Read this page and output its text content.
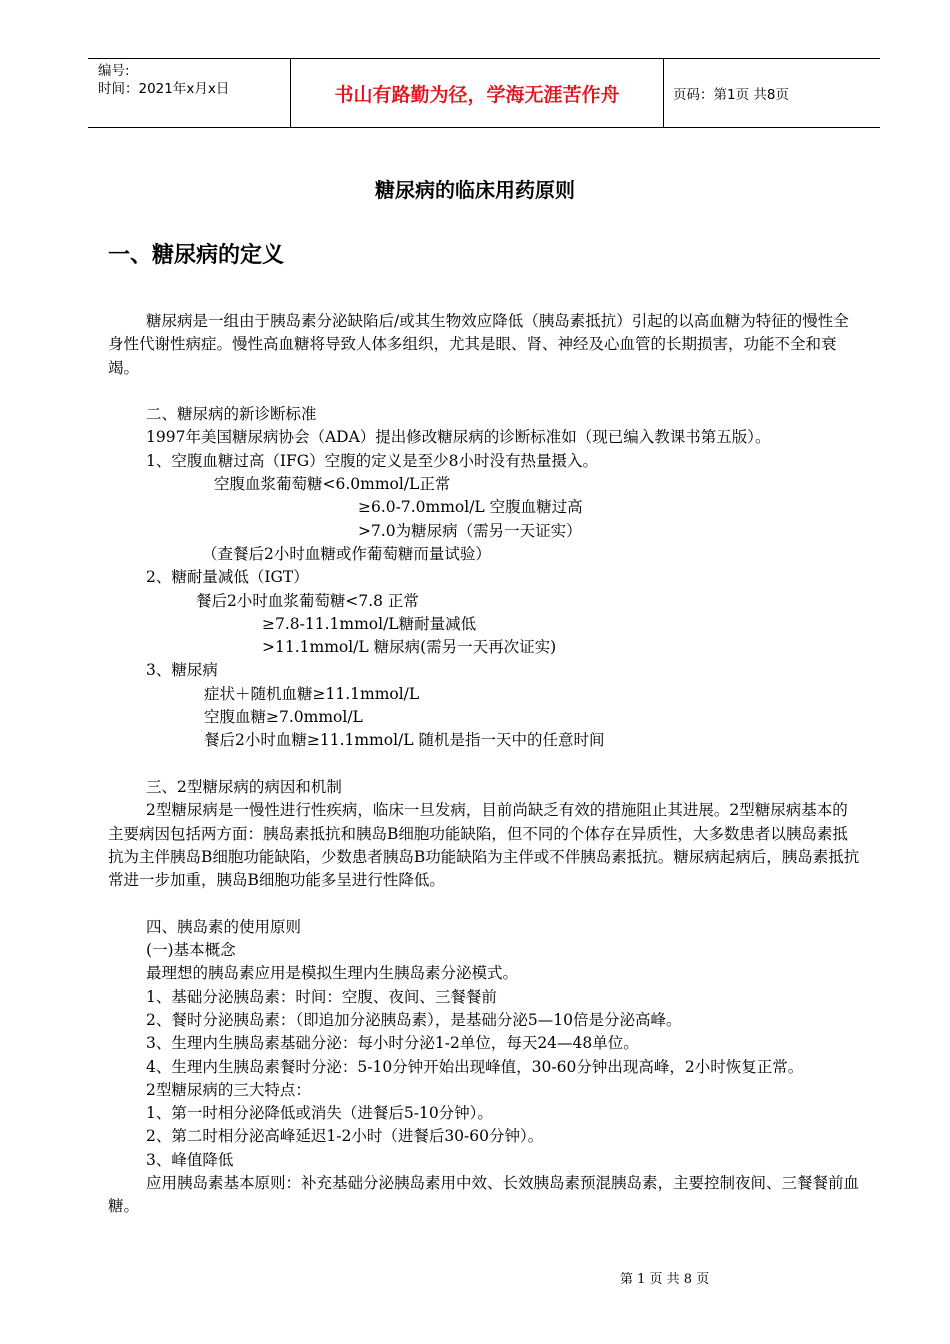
编号:
时间：2021年x月x日	书山有路勤为径，学海无涯苦作舟	页码：第1页 共8页
糖尿病的临床用药原则
一、糖尿病的定义

糖尿病是一组由于胰岛素分泌缺陷后/或其生物效应降低（胰岛素抵抗）引起的以高血糖为特征的慢性全身性代谢性病症。慢性高血糖将导致人体多组织，尤其是眼、肾、神经及心血管的长期损害，功能不全和衰竭。

二、糖尿病的新诊断标准

1997年美国糖尿病协会（ADA）提出修改糖尿病的诊断标准如（现已编入教课书第五版）。

1、空腹血糖过高（IFG）空腹的定义是至少8小时没有热量摄入。

空腹血浆葡萄糖<6.0mmol/L正常

≥6.0-7.0mmol/L 空腹血糖过高

>7.0为糖尿病（需另一天证实）

（查餐后2小时血糖或作葡萄糖而量试验）

2、糖耐量减低（IGT）

餐后2小时血浆葡萄糖<7.8 正常

≥7.8-11.1mmol/L糖耐量减低

>11.1mmol/L 糖尿病(需另一天再次证实)

3、糖尿病

症状＋随机血糖≥11.1mmol/L

空腹血糖≥7.0mmol/L

餐后2小时血糖≥11.1mmol/L 随机是指一天中的任意时间

三、2型糖尿病的病因和机制

2型糖尿病是一慢性进行性疾病，临床一旦发病，目前尚缺乏有效的措施阻止其进展。2型糖尿病基本的主要病因包括两方面：胰岛素抵抗和胰岛B细胞功能缺陷，但不同的个体存在异质性，大多数患者以胰岛素抵抗为主伴胰岛B细胞功能缺陷，少数患者胰岛B功能缺陷为主伴或不伴胰岛素抵抗。糖尿病起病后，胰岛素抵抗常进一步加重，胰岛B细胞功能多呈进行性降低。

四、胰岛素的使用原则

(一)基本概念

最理想的胰岛素应用是模拟生理内生胰岛素分泌模式。

1、基础分泌胰岛素：时间：空腹、夜间、三餐餐前

2、餐时分泌胰岛素：（即追加分泌胰岛素），是基础分泌5—10倍是分泌高峰。

3、生理内生胰岛素基础分泌：每小时分泌1-2单位，每天24—48单位。

4、生理内生胰岛素餐时分泌：5-10分钟开始出现峰值，30-60分钟出现高峰，2小时恢复正常。

2型糖尿病的三大特点：

1、第一时相分泌降低或消失（进餐后5-10分钟）。

2、第二时相分泌高峰延迟1-2小时（进餐后30-60分钟）。

3、峰值降低

应用胰岛素基本原则：补充基础分泌胰岛素用中效、长效胰岛素预混胰岛素，主要控制夜间、三餐餐前血糖。

第 1 页 共 8 页
